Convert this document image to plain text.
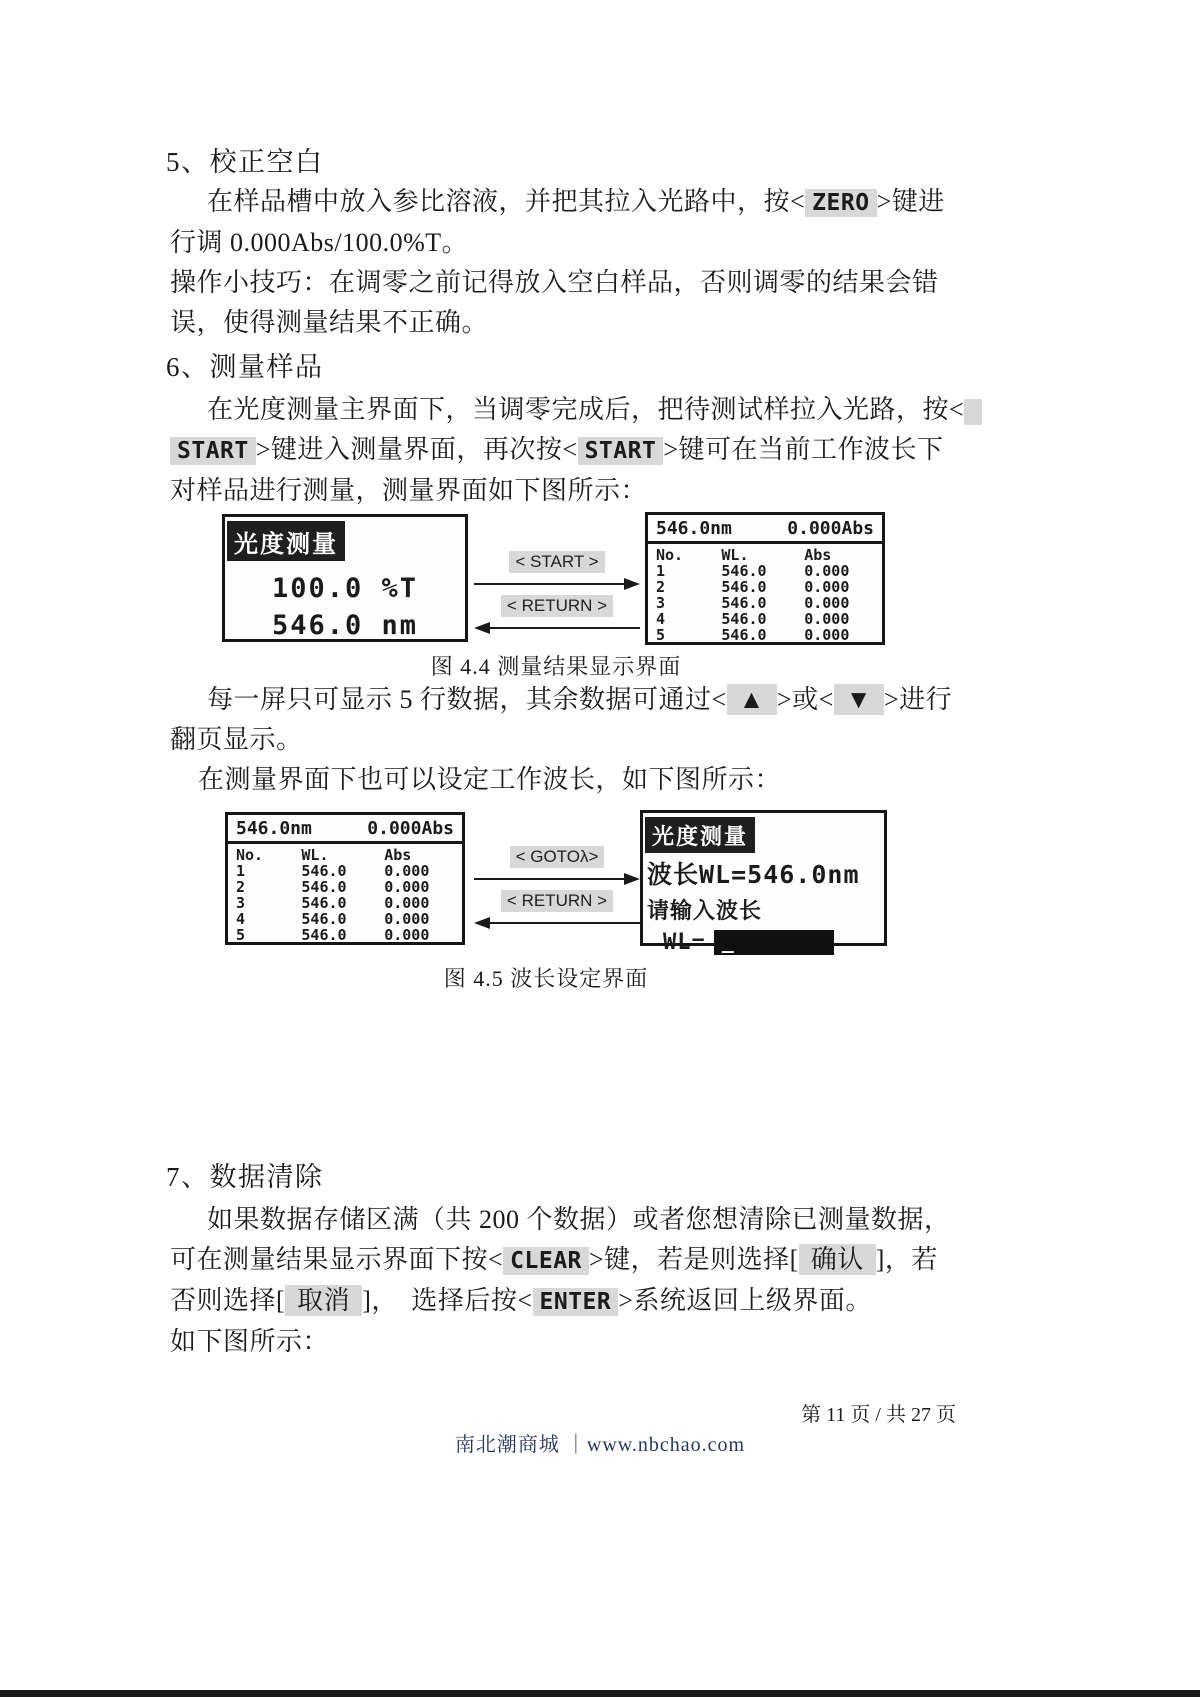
5、校正空白
在样品槽中放入参比溶液，并把其拉入光路中，按< ZERO >键进
行调 0.000Abs/100.0%T。
操作小技巧：在调零之前记得放入空白样品，否则调零的结果会错
误，使得测量结果不正确。
6、测量样品
在光度测量主界面下，当调零完成后，把待测试样拉入光路，按<
START >键进入测量界面，再次按< START >键可在当前工作波长下
对样品进行测量，测量界面如下图所示：
光度测量
100.0 %T
546.0 nm
< START >
< RETURN >
546.0nm	0.000Abs
No.	WL.	Abs
1	546.0	0.000
2	546.0	0.000
3	546.0	0.000
4	546.0	0.000
5	546.0	0.000
图 4.4 测量结果显示界面
每一屏只可显示 5 行数据，其余数据可通过< ▲ >或< ▼ >进行
翻页显示。
在测量界面下也可以设定工作波长，如下图所示：
546.0nm	0.000Abs
No.	WL.	Abs
1	546.0	0.000
2	546.0	0.000
3	546.0	0.000
4	546.0	0.000
5	546.0	0.000
< GOTOλ>
< RETURN >
光度测量
波长WL=546.0nm
请输入波长
WL= _
图 4.5 波长设定界面
7、数据清除
如果数据存储区满（共 200 个数据）或者您想清除已测量数据，
可在测量结果显示界面下按< CLEAR >键，若是则选择[ 确认 ]，若
否则选择[ 取消 ]，　选择后按< ENTER >系统返回上级界面。
如下图所示：
第 11 页 / 共 27 页
南北潮商城 ｜www.nbchao.com
